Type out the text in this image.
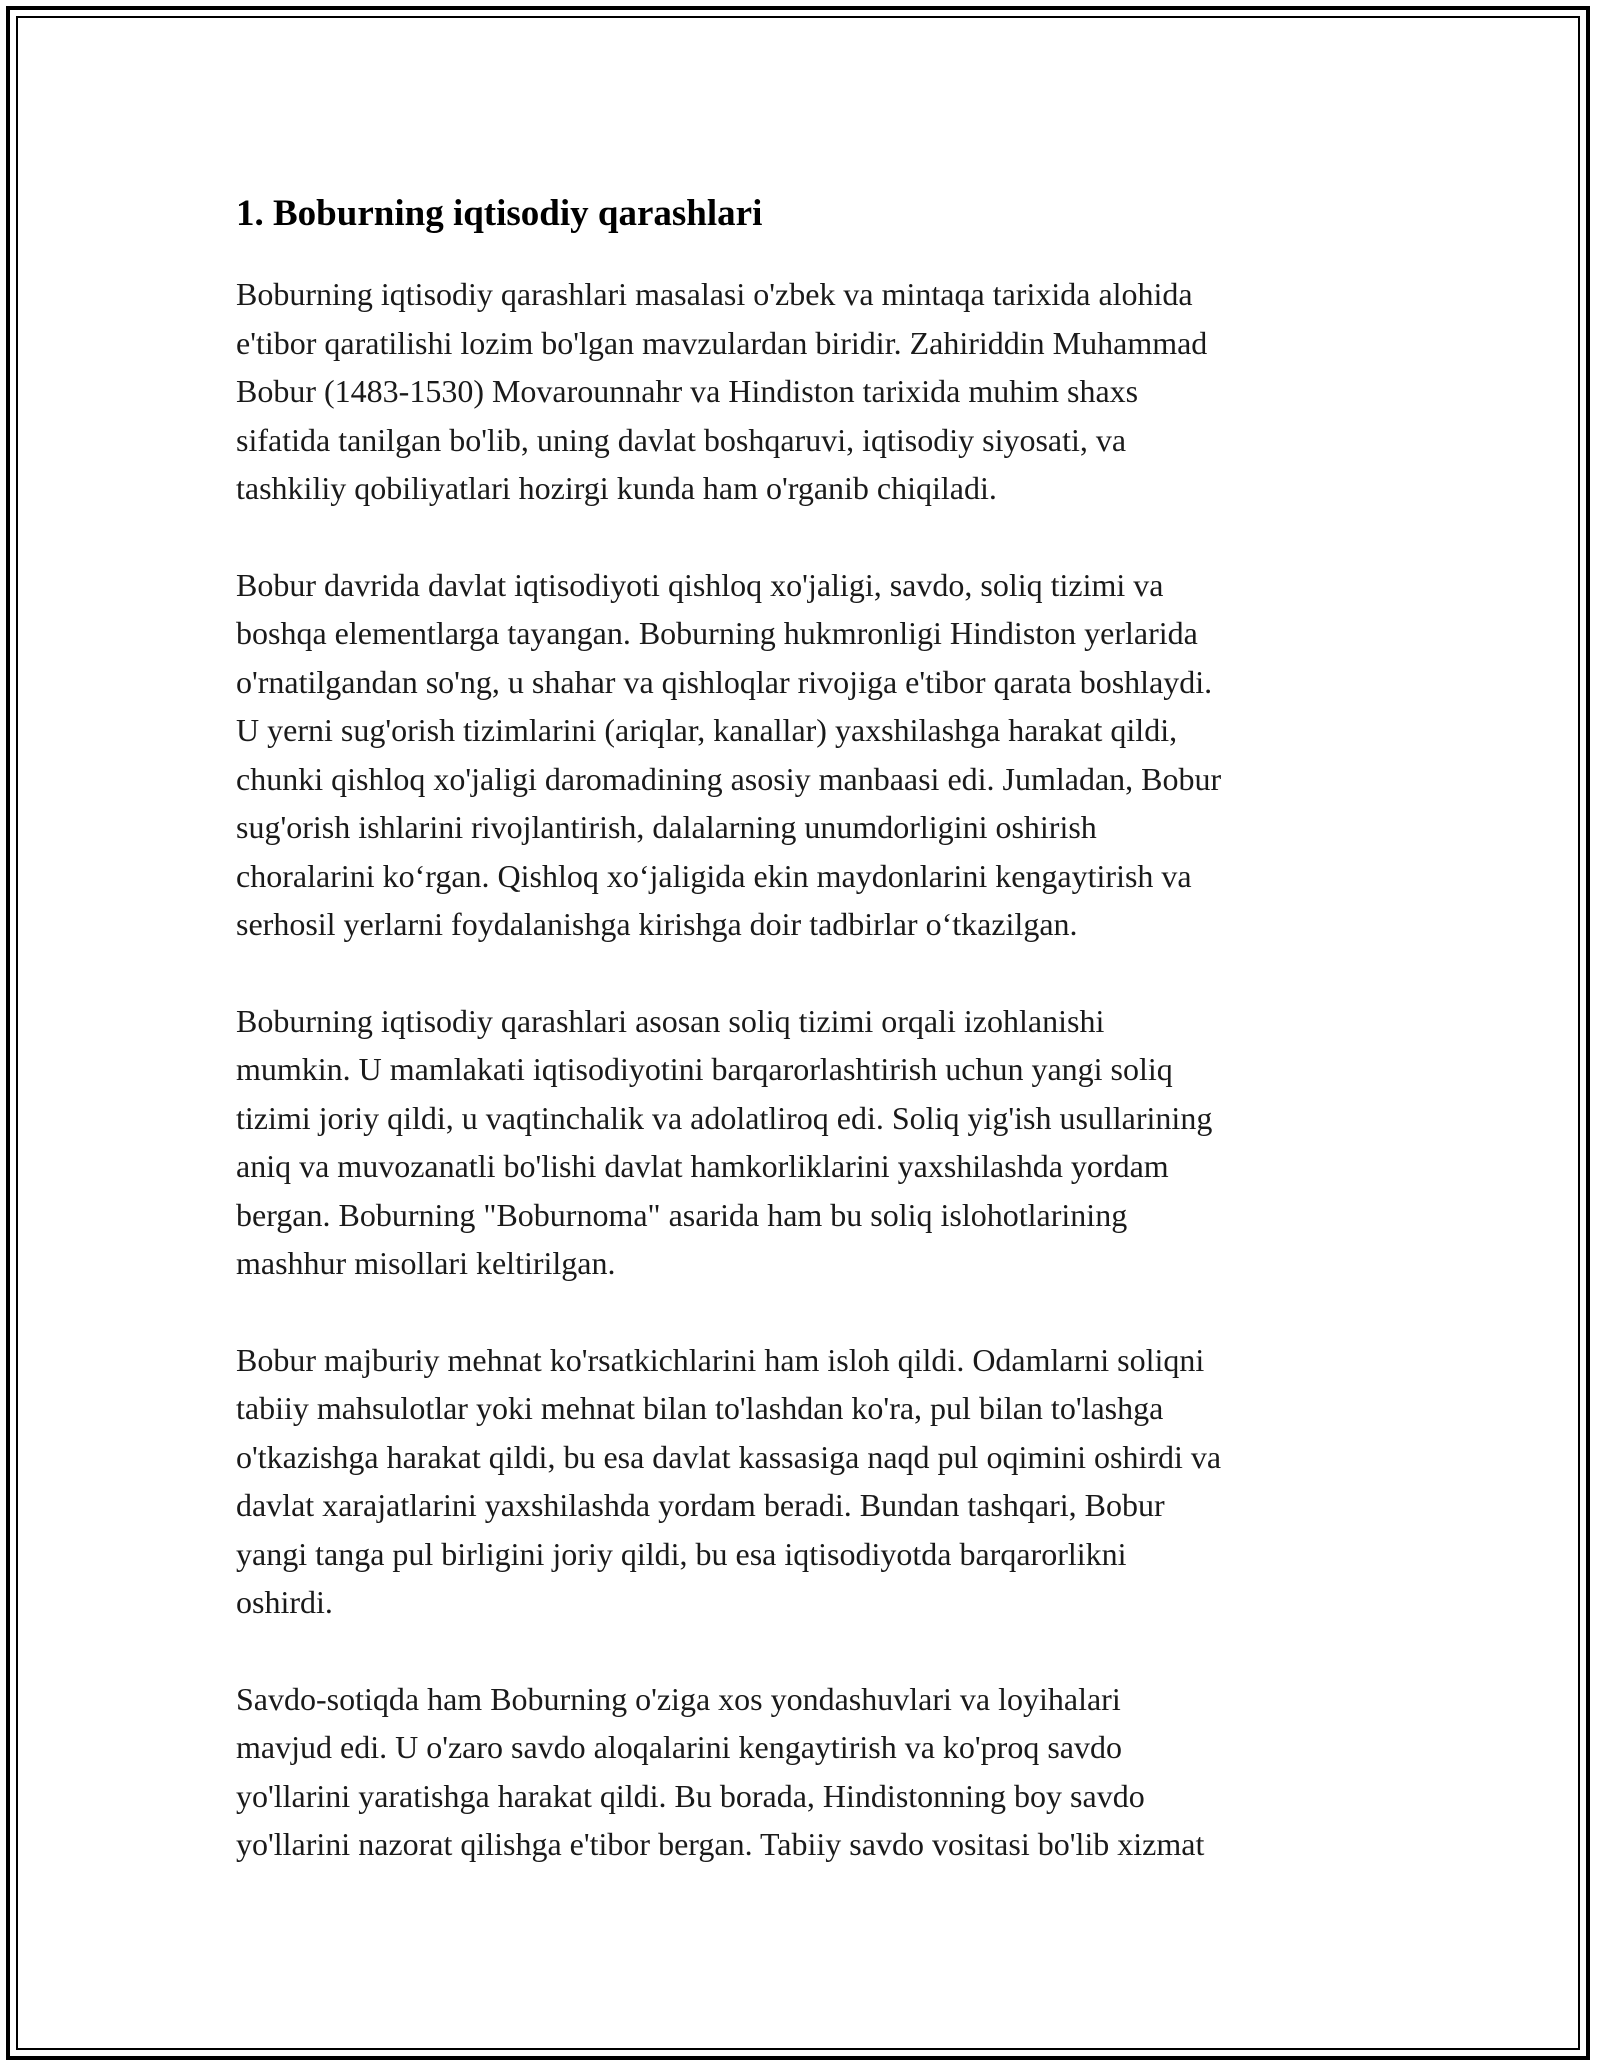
1. Boburning iqtisodiy qarashlari
Boburning iqtisodiy qarashlari masalasi o'zbek va mintaqa tarixida alohida
e'tibor qaratilishi lozim bo'lgan mavzulardan biridir. Zahiriddin Muhammad
Bobur (1483-1530) Movarounnahr va Hindiston tarixida muhim shaxs
sifatida tanilgan bo'lib, uning davlat boshqaruvi, iqtisodiy siyosati, va
tashkiliy qobiliyatlari hozirgi kunda ham o'rganib chiqiladi.
Bobur davrida davlat iqtisodiyoti qishloq xo'jaligi, savdo, soliq tizimi va
boshqa elementlarga tayangan. Boburning hukmronligi Hindiston yerlarida
o'rnatilgandan so'ng, u shahar va qishloqlar rivojiga e'tibor qarata boshlaydi.
U yerni sug'orish tizimlarini (ariqlar, kanallar) yaxshilashga harakat qildi,
chunki qishloq xo'jaligi daromadining asosiy manbaasi edi. Jumladan, Bobur
sug'orish ishlarini rivojlantirish, dalalarning unumdorligini oshirish
choralarini ko‘rgan. Qishloq xo‘jaligida ekin maydonlarini kengaytirish va
serhosil yerlarni foydalanishga kirishga doir tadbirlar o‘tkazilgan.
Boburning iqtisodiy qarashlari asosan soliq tizimi orqali izohlanishi
mumkin. U mamlakati iqtisodiyotini barqarorlashtirish uchun yangi soliq
tizimi joriy qildi, u vaqtinchalik va adolatliroq edi. Soliq yig'ish usullarining
aniq va muvozanatli bo'lishi davlat hamkorliklarini yaxshilashda yordam
bergan. Boburning "Boburnoma" asarida ham bu soliq islohotlarining
mashhur misollari keltirilgan.
Bobur majburiy mehnat ko'rsatkichlarini ham isloh qildi. Odamlarni soliqni
tabiiy mahsulotlar yoki mehnat bilan to'lashdan ko'ra, pul bilan to'lashga
o'tkazishga harakat qildi, bu esa davlat kassasiga naqd pul oqimini oshirdi va
davlat xarajatlarini yaxshilashda yordam beradi. Bundan tashqari, Bobur
yangi tanga pul birligini joriy qildi, bu esa iqtisodiyotda barqarorlikni
oshirdi.
Savdo-sotiqda ham Boburning o'ziga xos yondashuvlari va loyihalari
mavjud edi. U o'zaro savdo aloqalarini kengaytirish va ko'proq savdo
yo'llarini yaratishga harakat qildi. Bu borada, Hindistonning boy savdo
yo'llarini nazorat qilishga e'tibor bergan. Tabiiy savdo vositasi bo'lib xizmat
